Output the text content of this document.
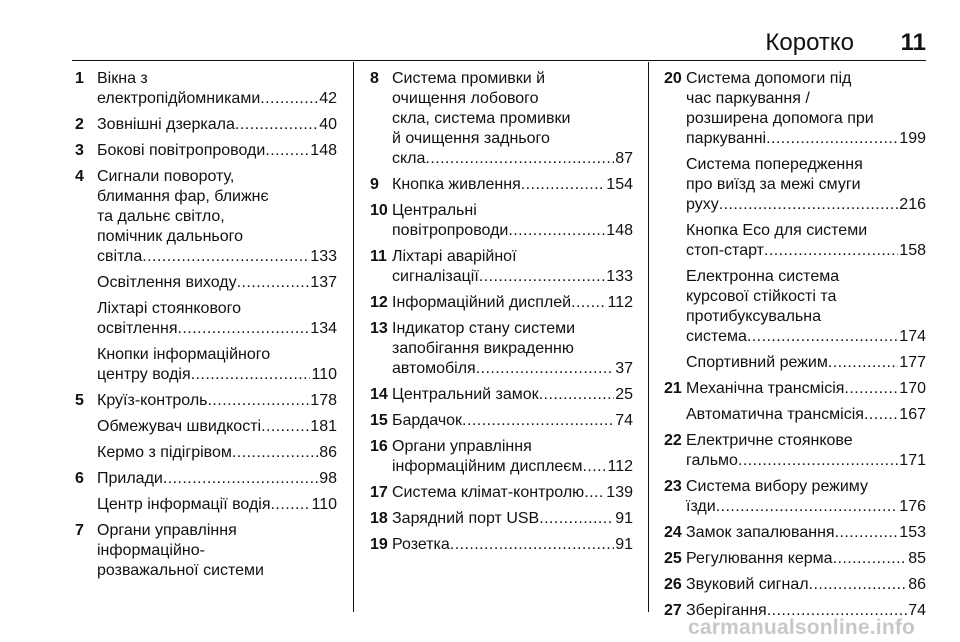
Коротко 11
1 Вікна з
електропідйомниками . . .	42
2 Зовнішні дзеркала . . .	40
3 Бокові повітропроводи . . .	148
4 Сигнали повороту,
блимання фар, ближнє
та дальнє світло,
помічник дальнього
світла . . .	133
Освітлення виходу . . .	137
Ліхтарі стоянкового
освітлення . . .	134
Кнопки інформаційного
центру водія . . .	110
5 Круїз-контроль . . .	178
Обмежувач швидкості . . .	181
Кермо з підігрівом . . .	86
6 Прилади . . .	98
Центр інформації водія . . .	110
7 Органи управління
інформаційно-
розважальної системи
8 Система промивки й
очищення лобового
скла, система промивки
й очищення заднього
скла . . .	87
9 Кнопка живлення . . .	154
10 Центральні
повітропроводи . . .	148
11 Ліхтарі аварійної
сигналізації . . .	133
12 Інформаційний дисплей . . . 112
13 Індикатор стану системи
запобігання викраденню
автомобіля . . .	37
14 Центральний замок . . .	25
15 Бардачок . . .	74
16 Органи управління
інформаційним дисплеєм . . . 112
17 Система клімат-контролю . . . 139
18 Зарядний порт USB . . .	91
19 Розетка . . .	91
20 Система допомоги під
час паркування /
розширена допомога при
паркуванні . . .	199
Система попередження
про виїзд за межі смуги
руху . . .	216
Кнопка Eco для системи
стоп-старт . . .	158
Електронна система
курсової стійкості та
протибуксувальна
система . . .	174
Спортивний режим . . .	177
21 Механічна трансмісія . . .	170
Автоматична трансмісія . . . 167
22 Електричне стоянкове
гальмо . . .	171
23 Система вибору режиму
їзди . . .	176
24 Замок запалювання . . .	153
25 Регулювання керма . . .	85
26 Звуковий сигнал . . .	86
27 Зберігання . . .	74
carmanualsonline.info
